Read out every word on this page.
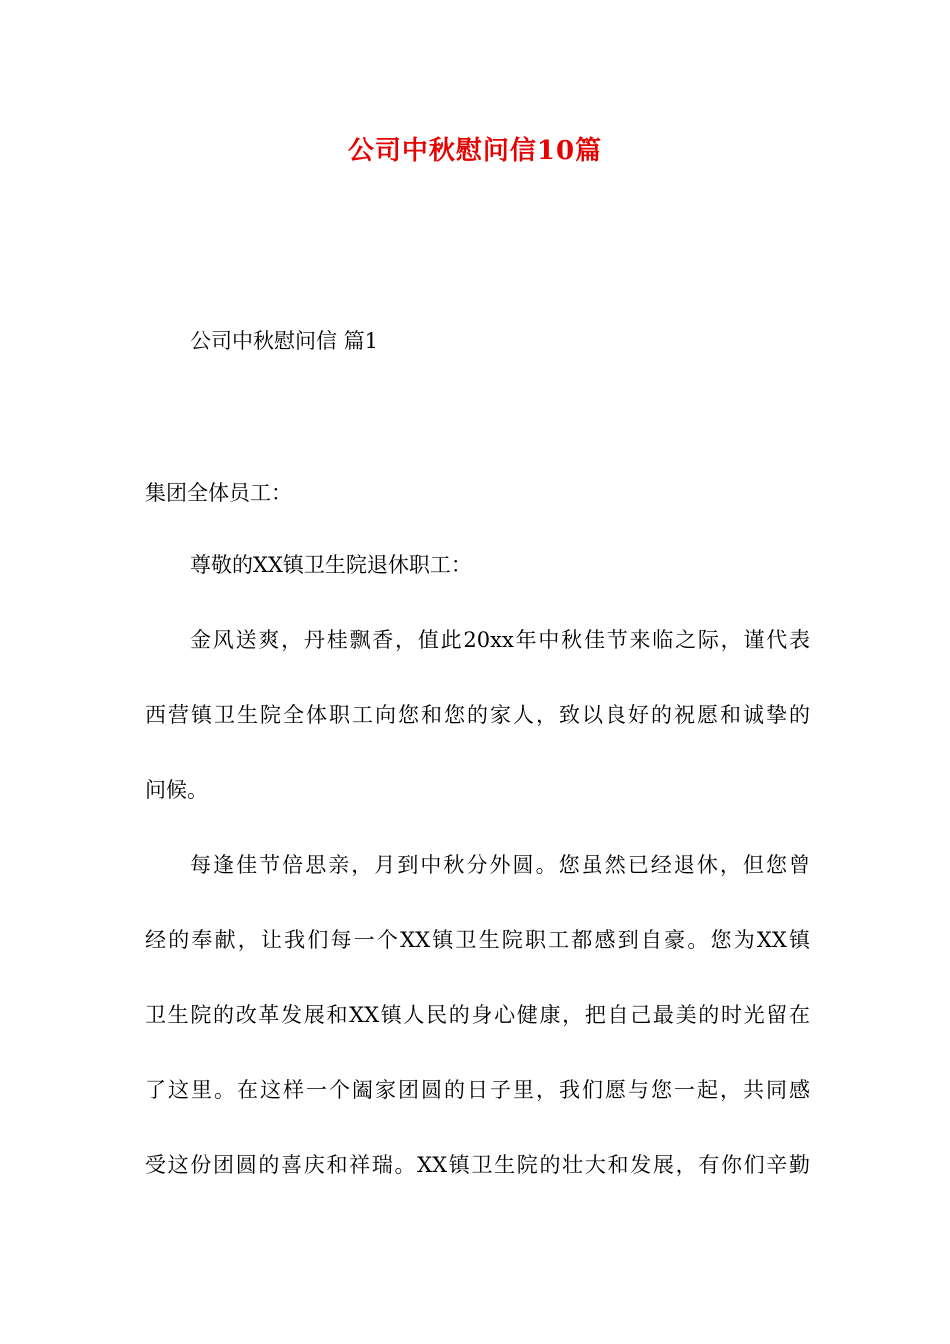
公司中秋慰问信10篇

公司中秋慰问信 篇1

集团全体员工：

尊敬的XX镇卫生院退休职工：

金风送爽，丹桂飘香，值此20xx年中秋佳节来临之际，谨代表

西营镇卫生院全体职工向您和您的家人，致以良好的祝愿和诚挚的

问候。

每逢佳节倍思亲，月到中秋分外圆。您虽然已经退休，但您曾

经的奉献，让我们每一个XX镇卫生院职工都感到自豪。您为XX镇

卫生院的改革发展和XX镇人民的身心健康，把自己最美的时光留在

了这里。在这样一个阖家团圆的日子里，我们愿与您一起，共同感

受这份团圆的喜庆和祥瑞。XX镇卫生院的壮大和发展，有你们辛勤
